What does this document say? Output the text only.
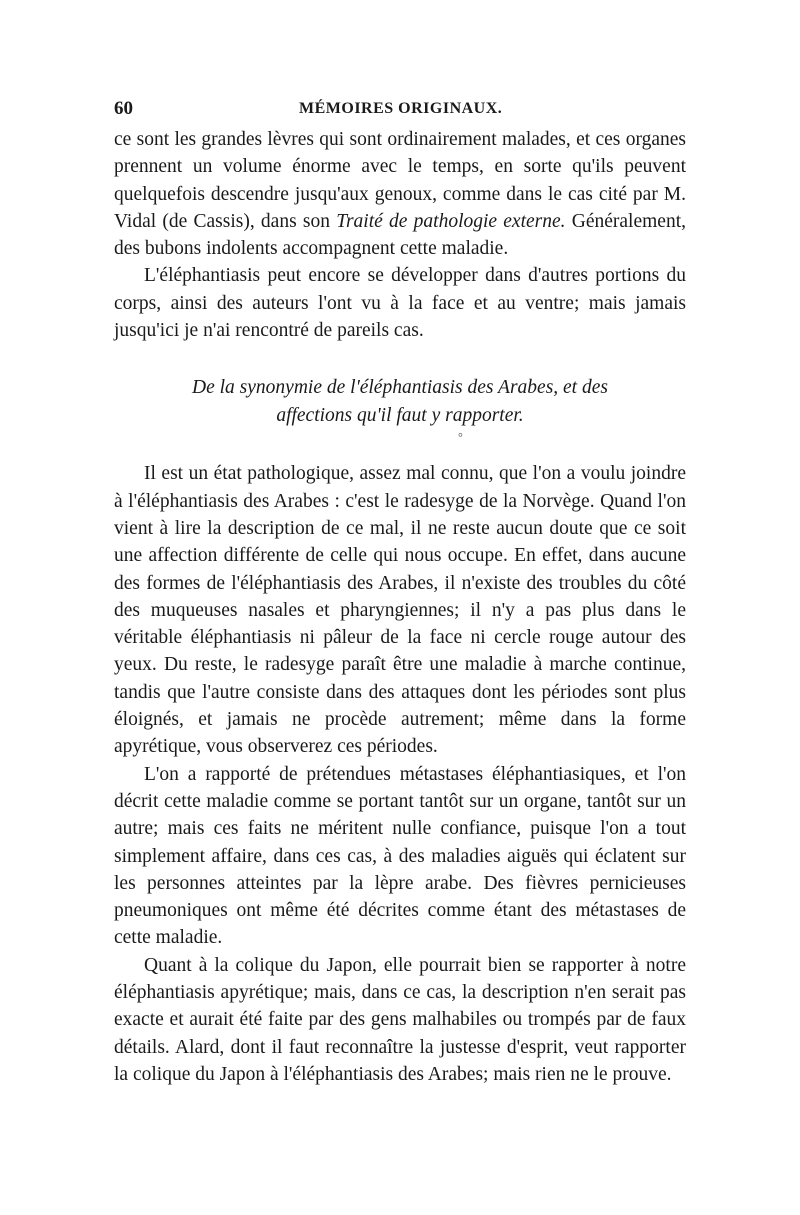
60	MÉMOIRES ORIGINAUX.

ce sont les grandes lèvres qui sont ordinairement malades, et ces organes prennent un volume énorme avec le temps, en sorte qu'ils peuvent quelquefois descendre jusqu'aux genoux, comme dans le cas cité par M. Vidal (de Cassis), dans son Traité de pathologie externe. Généralement, des bubons indolents accompagnent cette maladie.

L'éléphantiasis peut encore se développer dans d'autres portions du corps, ainsi des auteurs l'ont vu à la face et au ventre; mais jamais jusqu'ici je n'ai rencontré de pareils cas.

De la synonymie de l'éléphantiasis des Arabes, et des
affections qu'il faut y rapporter.
°

Il est un état pathologique, assez mal connu, que l'on a voulu joindre à l'éléphantiasis des Arabes : c'est le radesyge de la Norvège. Quand l'on vient à lire la description de ce mal, il ne reste aucun doute que ce soit une affection différente de celle qui nous occupe. En effet, dans aucune des formes de l'éléphantiasis des Arabes, il n'existe des troubles du côté des muqueuses nasales et pharyngiennes; il n'y a pas plus dans le véritable éléphantiasis ni pâleur de la face ni cercle rouge autour des yeux. Du reste, le radesyge paraît être une maladie à marche continue, tandis que l'autre consiste dans des attaques dont les périodes sont plus éloignés, et jamais ne procède autrement; même dans la forme apyrétique, vous observerez ces périodes.

L'on a rapporté de prétendues métastases éléphantiasiques, et l'on décrit cette maladie comme se portant tantôt sur un organe, tantôt sur un autre; mais ces faits ne méritent nulle confiance, puisque l'on a tout simplement affaire, dans ces cas, à des maladies aiguës qui éclatent sur les personnes atteintes par la lèpre arabe. Des fièvres pernicieuses pneumoniques ont même été décrites comme étant des métastases de cette maladie.

Quant à la colique du Japon, elle pourrait bien se rapporter à notre éléphantiasis apyrétique; mais, dans ce cas, la description n'en serait pas exacte et aurait été faite par des gens malhabiles ou trompés par de faux détails. Alard, dont il faut reconnaître la justesse d'esprit, veut rapporter la colique du Japon à l'éléphantiasis des Arabes; mais rien ne le prouve.
